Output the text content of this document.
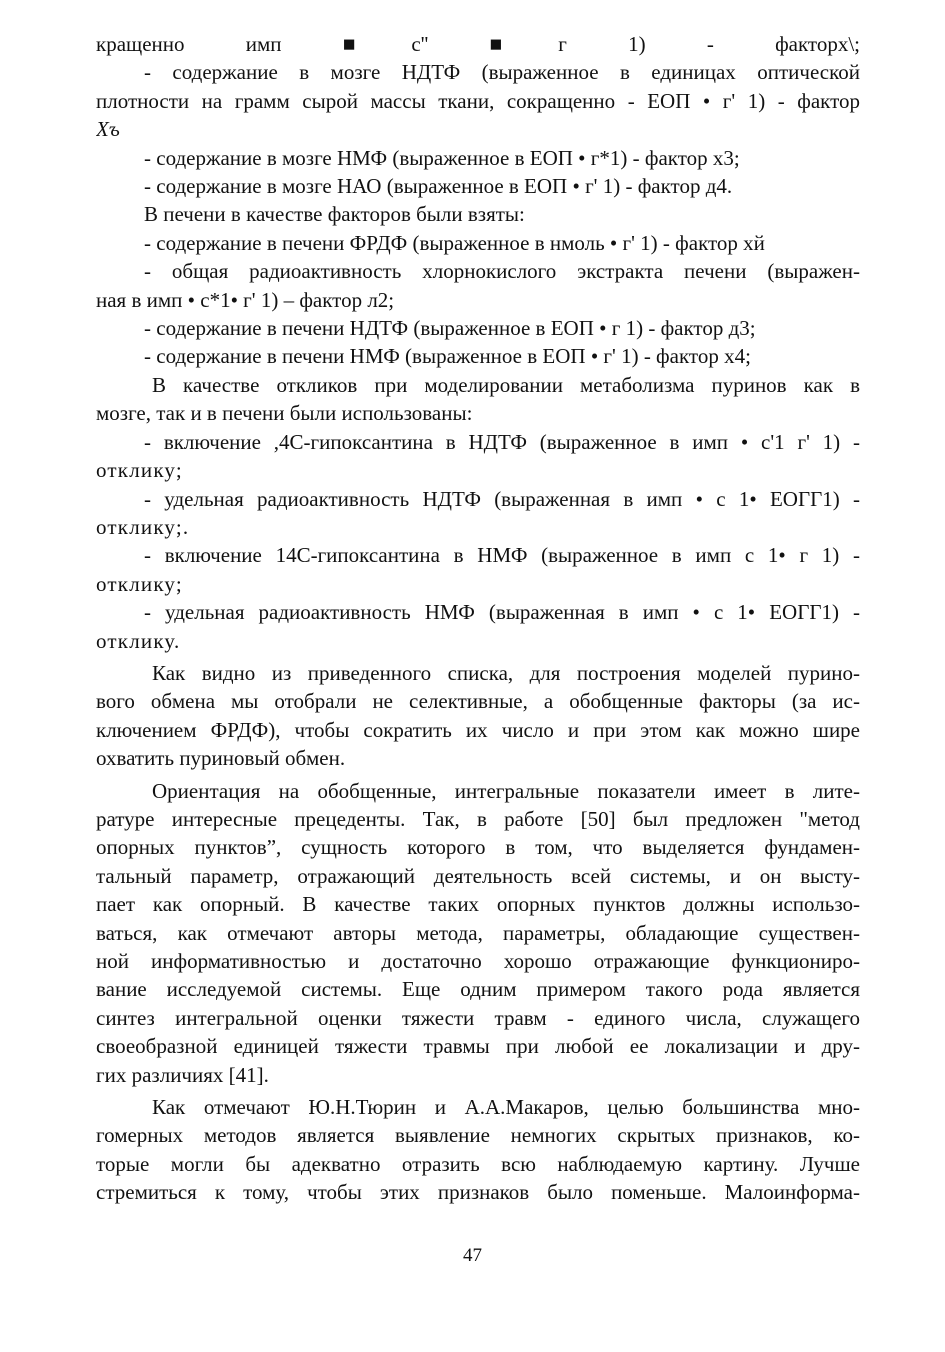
кращенно имп ■с'' ■г 1) - факторх\;
- содержание в мозге НДТФ (выраженное в единицах оптической
плотности на грамм сырой массы ткани, сокращенно - ЕОП • г' 1) - фактор
Хъ
- содержание в мозге НМФ (выраженное в ЕОП • г*1) - фактор х3;
- содержание в мозге НАО (выраженное в ЕОП • г' 1) - фактор д4.
В печени в качестве факторов были взяты:
- содержание в печени ФРДФ (выраженное в нмоль • г' 1) - фактор хй
- общая радиоактивность хлорнокислого экстракта печени (выражен-
ная в имп • с*1• г' 1) – фактор л2;
- содержание в печени НДТФ (выраженное в ЕОП • г 1) - фактор д3;
- содержание в печени НМФ (выраженное в ЕОП • г' 1) - фактор х4;
В качестве откликов при моделировании метаболизма пуринов как в
мозге, так и в печени были использованы:
- включение ,4С-гипоксантина в НДТФ (выраженное в имп • с'1 г' 1) -
отклику;
- удельная радиоактивность НДТФ (выраженная в имп • с 1• ЕОГГ1) -
отклику;.
- включение 14С-гипоксантина в НМФ (выраженное в имп с 1• г 1) -
отклику;
- удельная радиоактивность НМФ (выраженная в имп • с 1• ЕОГГ1) -
отклику.
Как видно из приведенного списка, для построения моделей пурино-
вого обмена мы отобрали не селективные, а обобщенные факторы (за ис-
ключением ФРДФ), чтобы сократить их число и при этом как можно шире
охватить пуриновый обмен.
Ориентация на обобщенные, интегральные показатели имеет в лите-
ратуре интересные прецеденты. Так, в работе [50] был предложен "метод
опорных пунктов”, сущность которого в том, что выделяется фундамен-
тальный параметр, отражающий деятельность всей системы, и он высту-
пает как опорный. В качестве таких опорных пунктов должны использо-
ваться, как отмечают авторы метода, параметры, обладающие существен-
ной информативностью и достаточно хорошо отражающие функциониро-
вание исследуемой системы. Еще одним примером такого рода является
синтез интегральной оценки тяжести травм - единого числа, служащего
своеобразной единицей тяжести травмы при любой ее локализации и дру-
гих различиях [41].
Как отмечают Ю.Н.Тюрин и А.А.Макаров, целью большинства мно-
гомерных методов является выявление немногих скрытых признаков, ко-
торые могли бы адекватно отразить всю наблюдаемую картину. Лучше
стремиться к тому, чтобы этих признаков было поменьше. Малоинформа-
47
